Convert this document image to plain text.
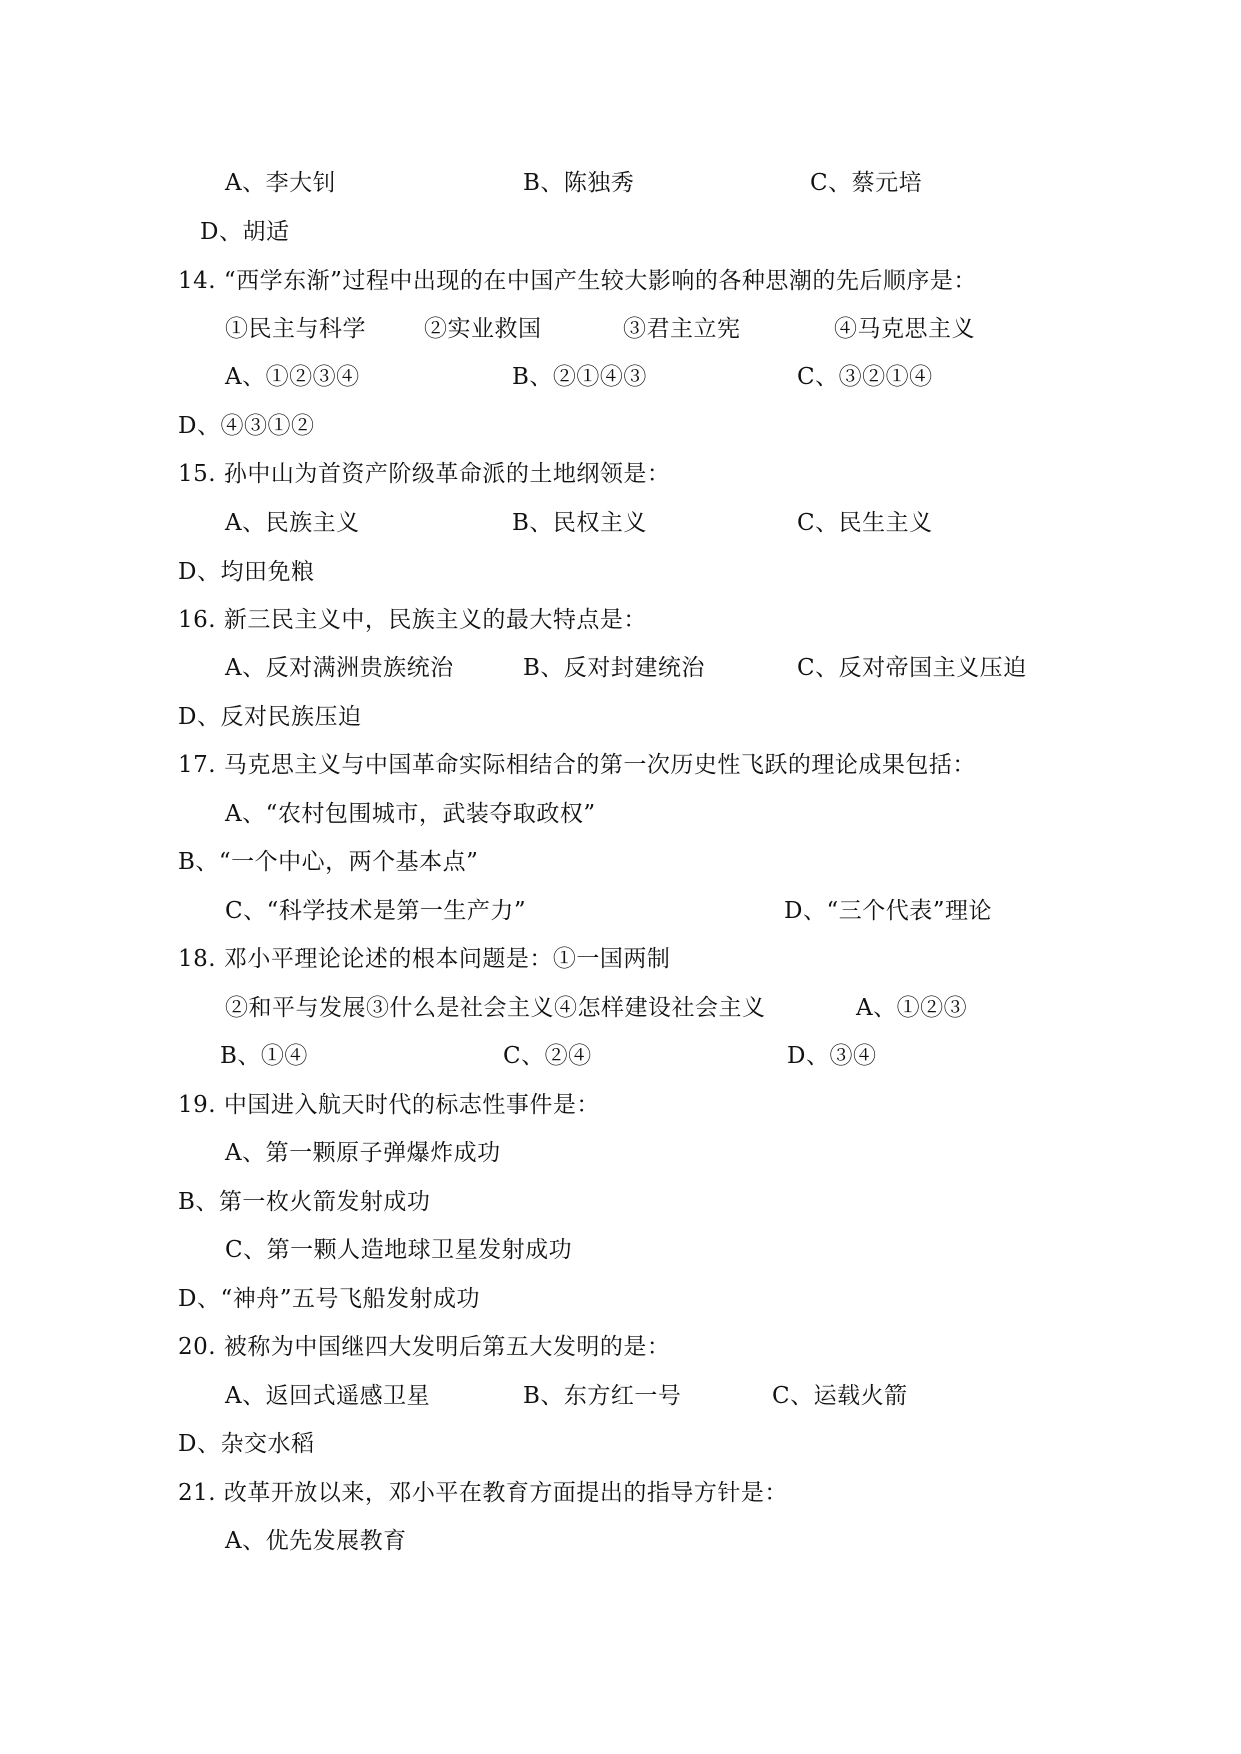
A、李大钊	B、陈独秀	C、蔡元培
D、胡适
14. “西学东渐”过程中出现的在中国产生较大影响的各种思潮的先后顺序是：
①民主与科学	②实业救国	③君主立宪	④马克思主义
A、①②③④	B、②①④③	C、③②①④
D、④③①②
15. 孙中山为首资产阶级革命派的土地纲领是：
A、民族主义	B、民权主义	C、民生主义
D、均田免粮
16. 新三民主义中，民族主义的最大特点是：
A、反对满洲贵族统治	B、反对封建统治	C、反对帝国主义压迫
D、反对民族压迫
17. 马克思主义与中国革命实际相结合的第一次历史性飞跃的理论成果包括：
A、“农村包围城市，武装夺取政权”
B、“一个中心，两个基本点”
C、“科学技术是第一生产力”	D、“三个代表”理论
18. 邓小平理论论述的根本问题是：①一国两制
②和平与发展③什么是社会主义④怎样建设社会主义	A、①②③
B、①④	C、②④	D、③④
19. 中国进入航天时代的标志性事件是：
A、第一颗原子弹爆炸成功
B、第一枚火箭发射成功
C、第一颗人造地球卫星发射成功
D、“神舟”五号飞船发射成功
20. 被称为中国继四大发明后第五大发明的是：
A、返回式遥感卫星	B、东方红一号	C、运载火箭
D、杂交水稻
21. 改革开放以来，邓小平在教育方面提出的指导方针是：
A、优先发展教育
